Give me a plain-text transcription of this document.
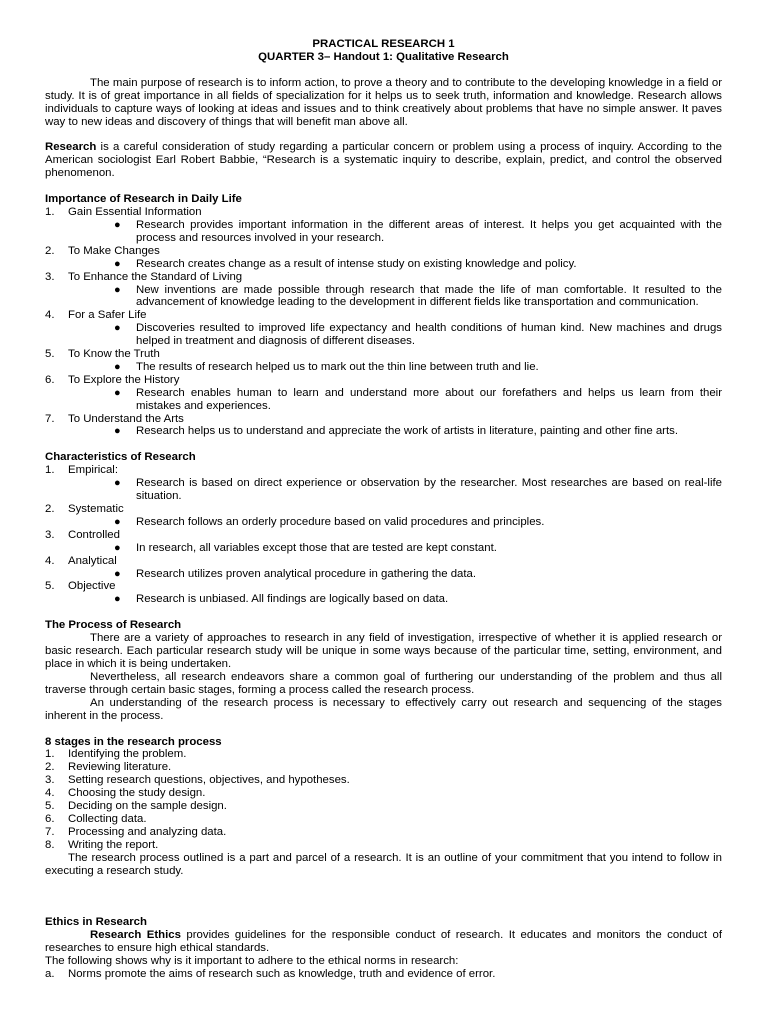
PRACTICAL RESEARCH 1
QUARTER 3– Handout 1: Qualitative Research

The main purpose of research is to inform action, to prove a theory and to contribute to the developing knowledge in a field or study. It is of great importance in all fields of specialization for it helps us to seek truth, information and knowledge. Research allows individuals to capture ways of looking at ideas and issues and to think creatively about problems that have no simple answer. It paves way to new ideas and discovery of things that will benefit man above all.

Research is a careful consideration of study regarding a particular concern or problem using a process of inquiry. According to the American sociologist Earl Robert Babbie, “Research is a systematic inquiry to describe, explain, predict, and control the observed phenomenon.

Importance of Research in Daily Life
1. Gain Essential Information
● Research provides important information in the different areas of interest. It helps you get acquainted with the process and resources involved in your research.
2. To Make Changes
● Research creates change as a result of intense study on existing knowledge and policy.
3. To Enhance the Standard of Living
● New inventions are made possible through research that made the life of man comfortable. It resulted to the advancement of knowledge leading to the development in different fields like transportation and communication.
4. For a Safer Life
● Discoveries resulted to improved life expectancy and health conditions of human kind. New machines and drugs helped in treatment and diagnosis of different diseases.
5. To Know the Truth
● The results of research helped us to mark out the thin line between truth and lie.
6. To Explore the History
● Research enables human to learn and understand more about our forefathers and helps us learn from their mistakes and experiences.
7. To Understand the Arts
● Research helps us to understand and appreciate the work of artists in literature, painting and other fine arts.
Characteristics of Research
1. Empirical:
● Research is based on direct experience or observation by the researcher. Most researches are based on real-life situation.
2. Systematic
● Research follows an orderly procedure based on valid procedures and principles.
3. Controlled
● In research, all variables except those that are tested are kept constant.
4. Analytical
● Research utilizes proven analytical procedure in gathering the data.
5. Objective
● Research is unbiased. All findings are logically based on data.
The Process of Research

There are a variety of approaches to research in any field of investigation, irrespective of whether it is applied research or basic research. Each particular research study will be unique in some ways because of the particular time, setting, environment, and place in which it is being undertaken.

Nevertheless, all research endeavors share a common goal of furthering our understanding of the problem and thus all traverse through certain basic stages, forming a process called the research process.

An understanding of the research process is necessary to effectively carry out research and sequencing of the stages inherent in the process.

8 stages in the research process
1. Identifying the problem.
2. Reviewing literature.
3. Setting research questions, objectives, and hypotheses.
4. Choosing the study design.
5. Deciding on the sample design.
6. Collecting data.
7. Processing and analyzing data.
8. Writing the report.

The research process outlined is a part and parcel of a research. It is an outline of your commitment that you intend to follow in executing a research study.

Ethics in Research

Research Ethics provides guidelines for the responsible conduct of research. It educates and monitors the conduct of researches to ensure high ethical standards.

The following shows why is it important to adhere to the ethical norms in research:

a. Norms promote the aims of research such as knowledge, truth and evidence of error.
